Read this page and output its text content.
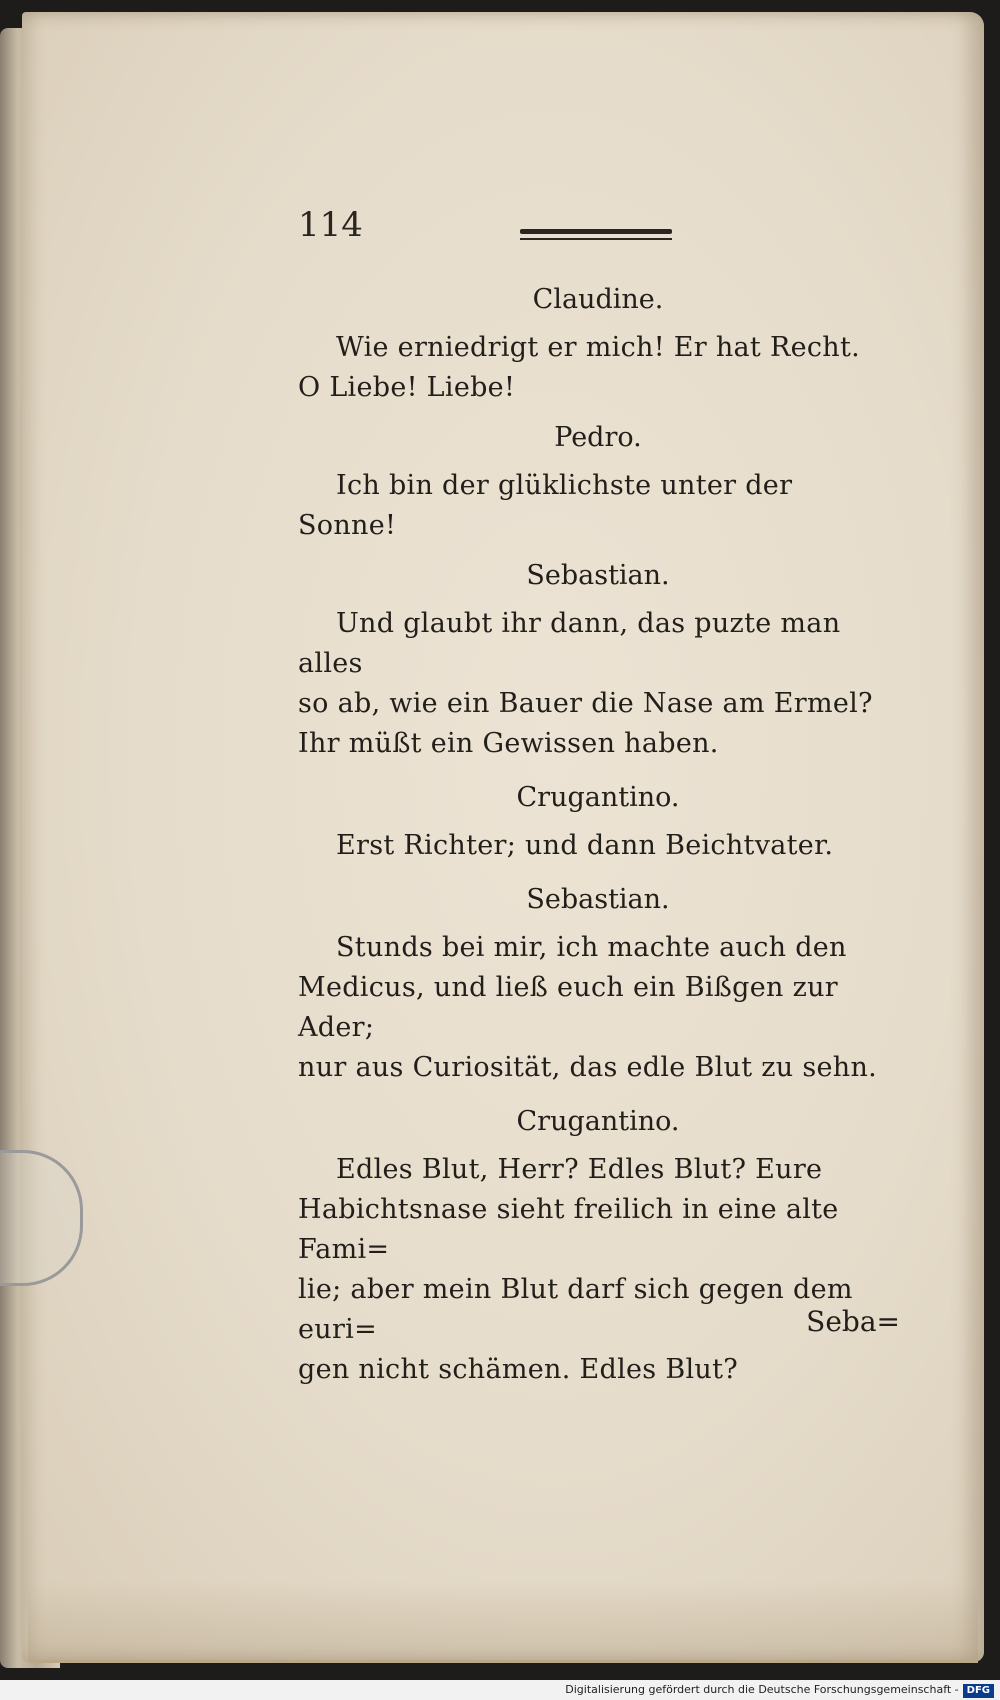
114
Claudine.
Wie erniedrigt er mich! Er hat Recht.
O Liebe! Liebe!
Pedro.
Ich bin der glüklichste unter der Sonne!
Sebastian.
Und glaubt ihr dann, das puzte man alles
so ab, wie ein Bauer die Nase am Ermel?
Ihr müßt ein Gewissen haben.
Crugantino.
Erst Richter; und dann Beichtvater.
Sebastian.
Stunds bei mir, ich machte auch den
Medicus, und ließ euch ein Bißgen zur Ader;
nur aus Curiosität, das edle Blut zu sehn.
Crugantino.
Edles Blut, Herr? Edles Blut? Eure
Habichtsnase sieht freilich in eine alte Fami=
lie; aber mein Blut darf sich gegen dem euri=
gen nicht schämen. Edles Blut?
Seba=
Digitalisierung gefördert durch die Deutsche Forschungsgemeinschaft - DFG
